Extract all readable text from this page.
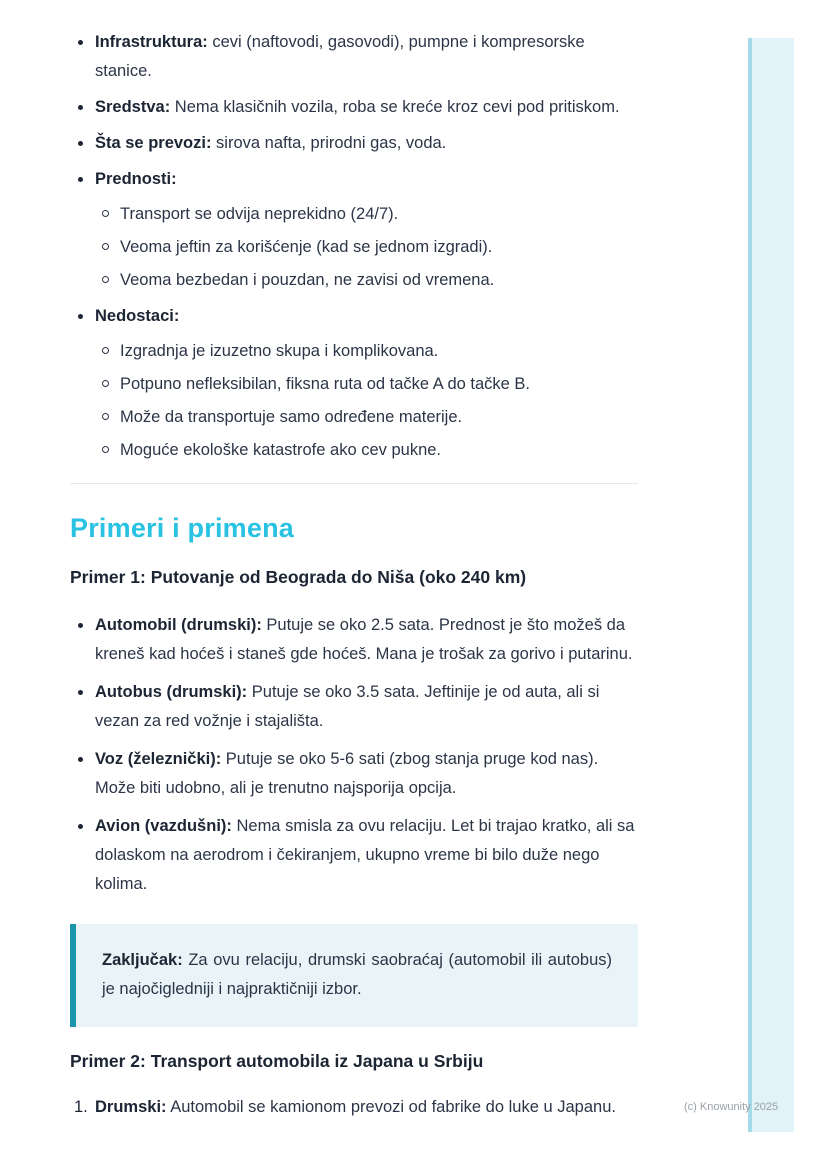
Infrastruktura: cevi (naftovodi, gasovodi), pumpne i kompresorske stanice.
Sredstva: Nema klasičnih vozila, roba se kreće kroz cevi pod pritiskom.
Šta se prevozi: sirova nafta, prirodni gas, voda.
Prednosti:
Transport se odvija neprekidno (24/7).
Veoma jeftin za korišćenje (kad se jednom izgradi).
Veoma bezbedan i pouzdan, ne zavisi od vremena.
Nedostaci:
Izgradnja je izuzetno skupa i komplikovana.
Potpuno nefleksibilan, fiksna ruta od tačke A do tačke B.
Može da transportuje samo određene materije.
Moguće ekološke katastrofe ako cev pukne.
Primeri i primena
Primer 1: Putovanje od Beograda do Niša (oko 240 km)
Automobil (drumski): Putuje se oko 2.5 sata. Prednost je što možeš da kreneš kad hoćeš i staneš gde hoćeš. Mana je trošak za gorivo i putarinu.
Autobus (drumski): Putuje se oko 3.5 sata. Jeftinije je od auta, ali si vezan za red vožnje i stajališta.
Voz (železnički): Putuje se oko 5-6 sati (zbog stanja pruge kod nas). Može biti udobno, ali je trenutno najsporija opcija.
Avion (vazdušni): Nema smisla za ovu relaciju. Let bi trajao kratko, ali sa dolaskom na aerodrom i čekiranjem, ukupno vreme bi bilo duže nego kolima.
Zaključak: Za ovu relaciju, drumski saobraćaj (automobil ili autobus) je najočigledniji i najpraktičniji izbor.
Primer 2: Transport automobila iz Japana u Srbiju
1. Drumski: Automobil se kamionom prevozi od fabrike do luke u Japanu.	(c) Knowunity 2025
